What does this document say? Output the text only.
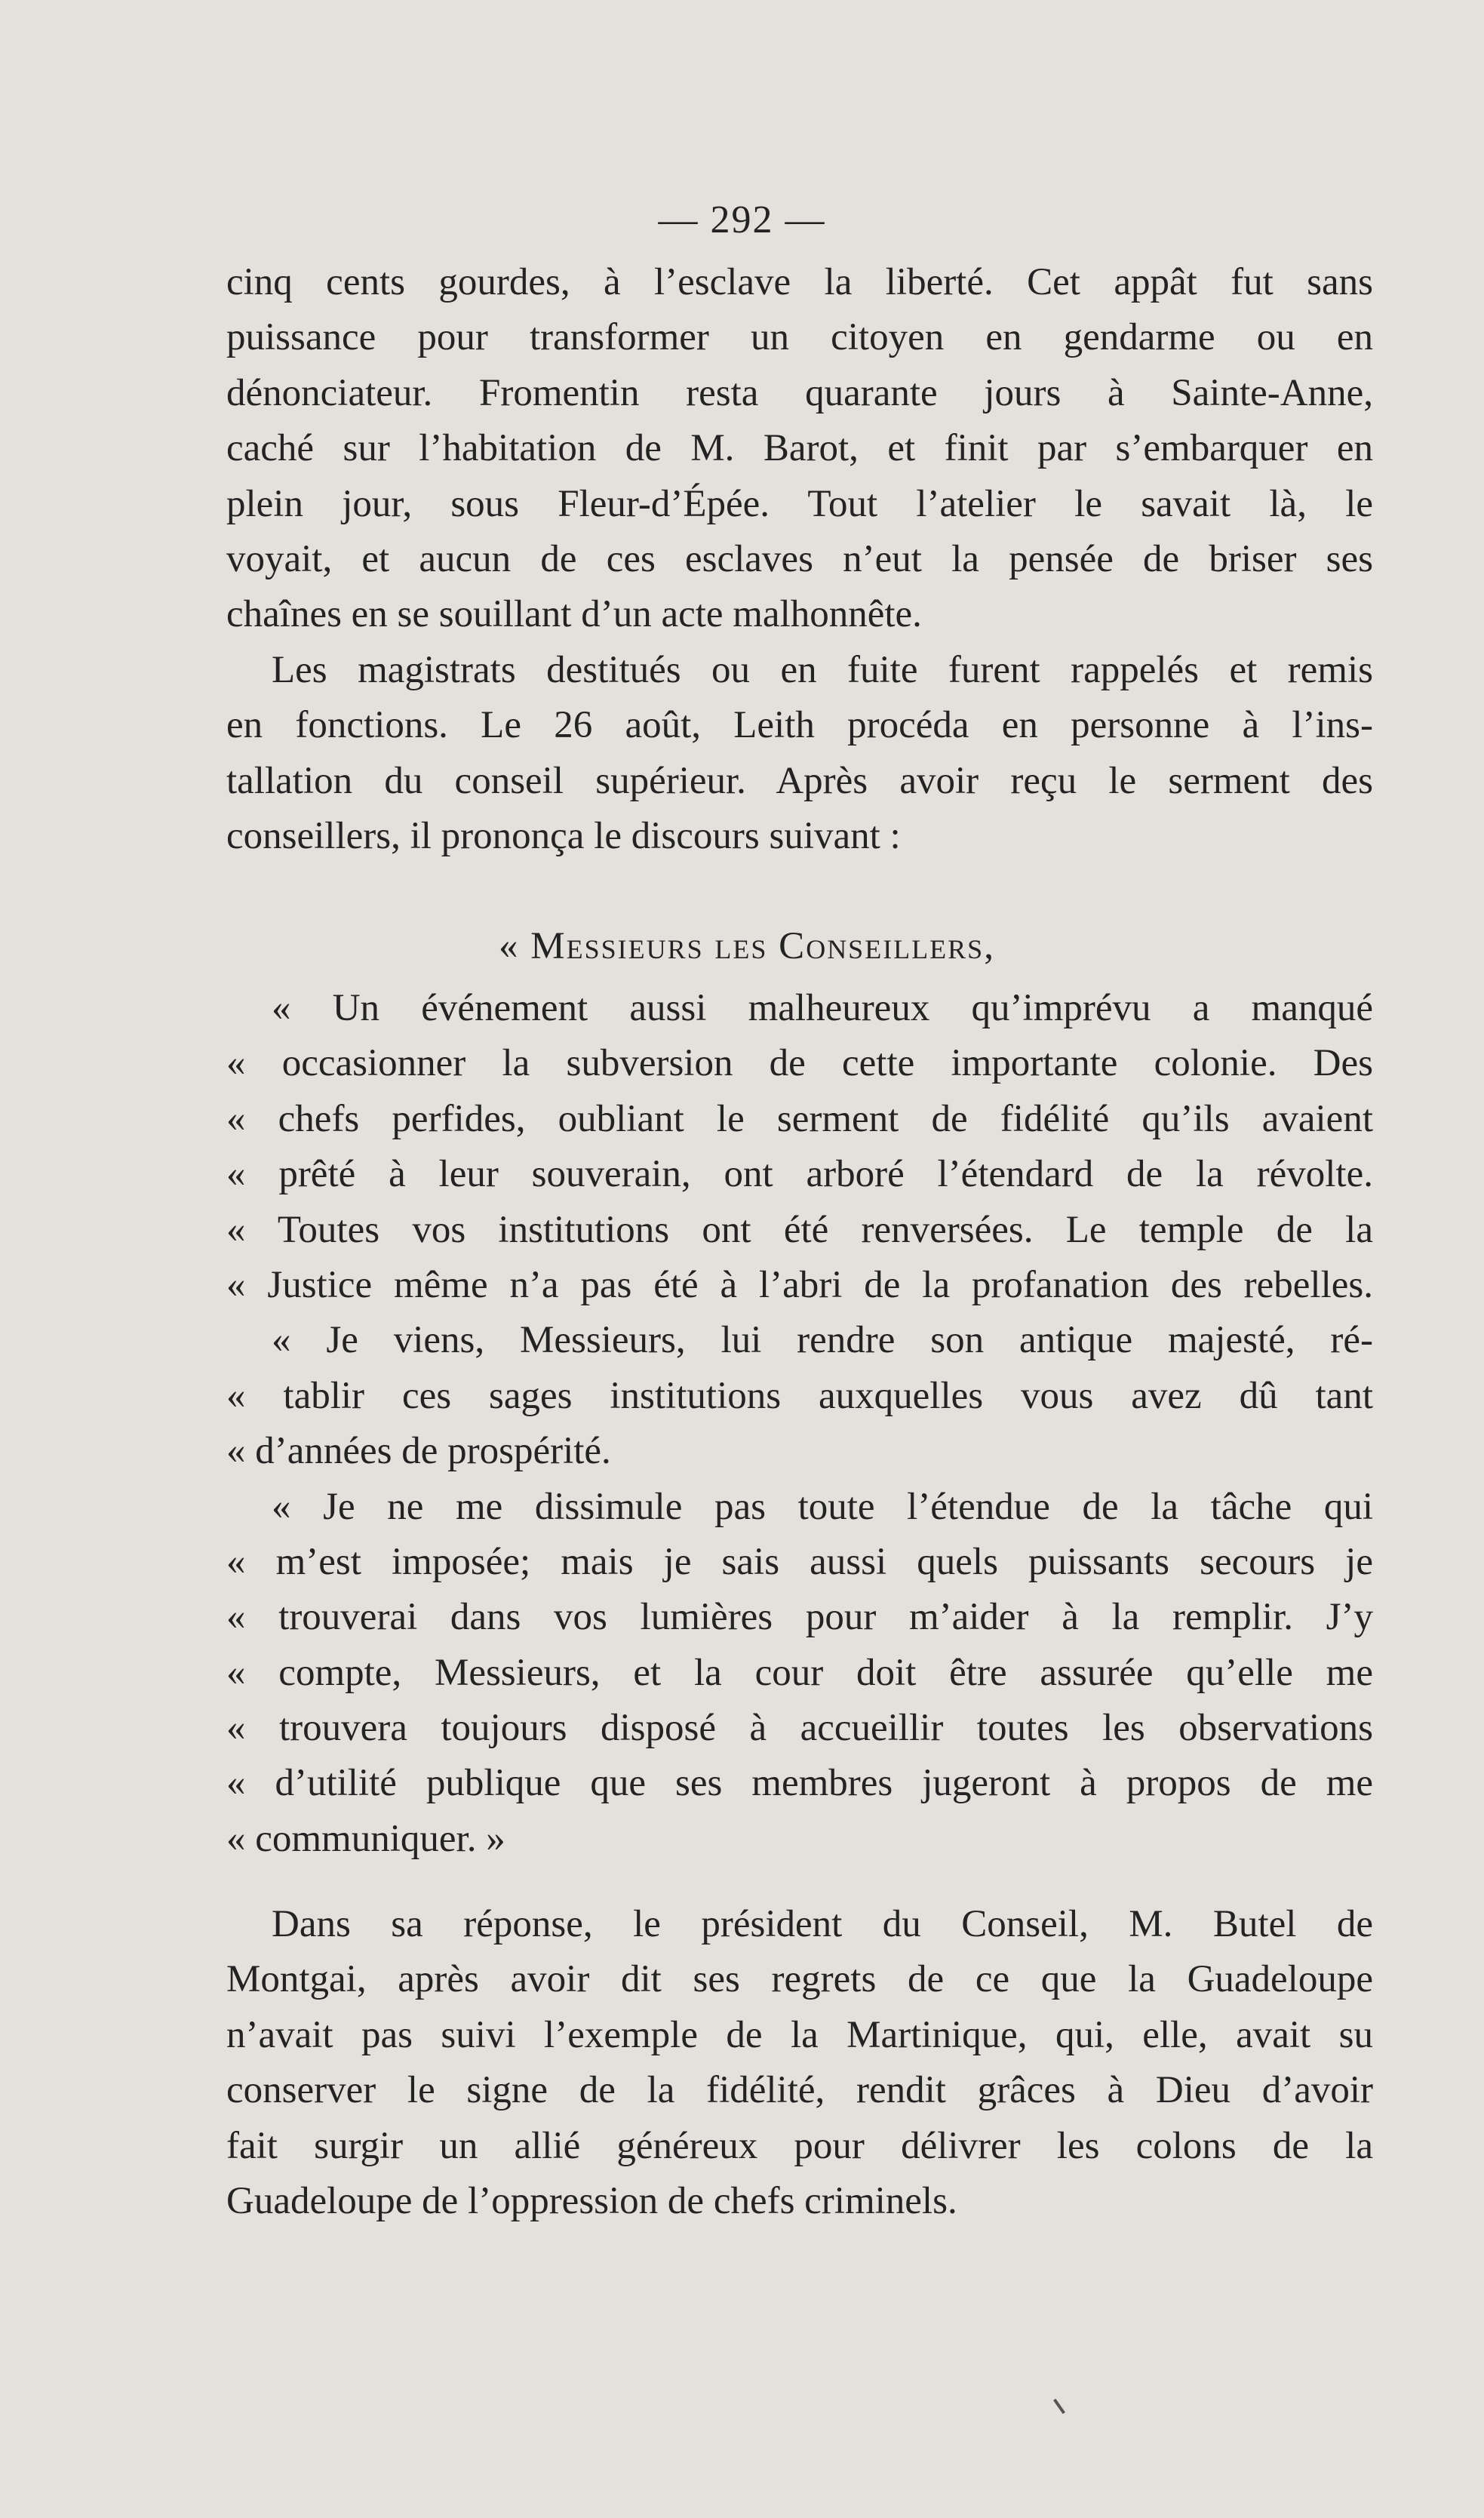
— 292 —
cinq cents gourdes, à l’esclave la liberté. Cet appât fut sans
puissance pour transformer un citoyen en gendarme ou en
dénonciateur. Fromentin resta quarante jours à Sainte-Anne,
caché sur l’habitation de M. Barot, et finit par s’embarquer en
plein jour, sous Fleur-d’Épée. Tout l’atelier le savait là, le
voyait, et aucun de ces esclaves n’eut la pensée de briser ses
chaînes en se souillant d’un acte malhonnête.
Les magistrats destitués ou en fuite furent rappelés et remis
en fonctions. Le 26 août, Leith procéda en personne à l’ins-
tallation du conseil supérieur. Après avoir reçu le serment des
conseillers, il prononça le discours suivant :
« Messieurs les Conseillers,
« Un événement aussi malheureux qu’imprévu a manqué
« occasionner la subversion de cette importante colonie. Des
« chefs perfides, oubliant le serment de fidélité qu’ils avaient
« prêté à leur souverain, ont arboré l’étendard de la révolte.
« Toutes vos institutions ont été renversées. Le temple de la
« Justice même n’a pas été à l’abri de la profanation des rebelles.
« Je viens, Messieurs, lui rendre son antique majesté, ré-
« tablir ces sages institutions auxquelles vous avez dû tant
« d’années de prospérité.
« Je ne me dissimule pas toute l’étendue de la tâche qui
« m’est imposée; mais je sais aussi quels puissants secours je
« trouverai dans vos lumières pour m’aider à la remplir. J’y
« compte, Messieurs, et la cour doit être assurée qu’elle me
« trouvera toujours disposé à accueillir toutes les observations
« d’utilité publique que ses membres jugeront à propos de me
« communiquer. »
Dans sa réponse, le président du Conseil, M. Butel de
Montgai, après avoir dit ses regrets de ce que la Guadeloupe
n’avait pas suivi l’exemple de la Martinique, qui, elle, avait su
conserver le signe de la fidélité, rendit grâces à Dieu d’avoir
fait surgir un allié généreux pour délivrer les colons de la
Guadeloupe de l’oppression de chefs criminels.
